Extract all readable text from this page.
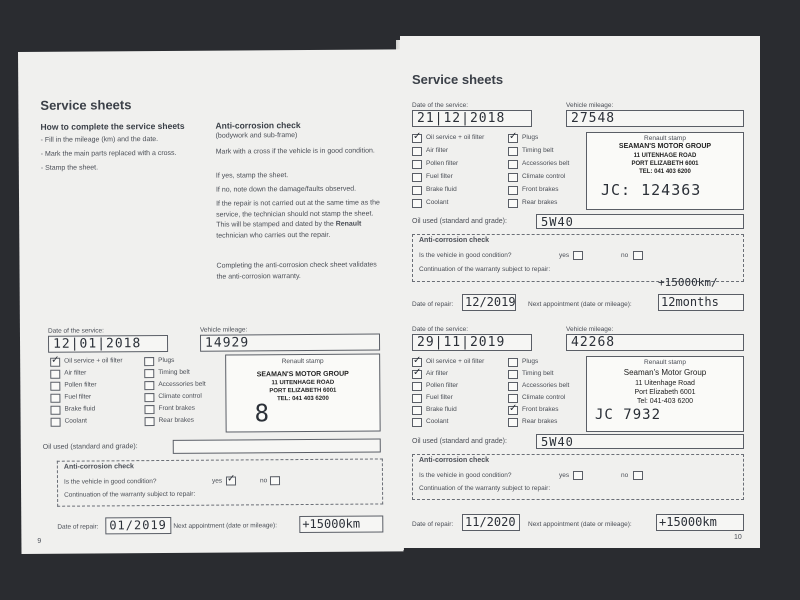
Service sheets
How to complete the service sheets
- Fill in the mileage (km) and the date.
- Mark the main parts replaced with a cross.
- Stamp the sheet.
Anti-corrosion check
(bodywork and sub-frame)
Mark with a cross if the vehicle is in good condition.
If yes, stamp the sheet.
If no, note down the damage/faults observed.
If the repair is not carried out at the same time as the service, the technician should not stamp the sheet. This will be stamped and dated by the Renault technician who carries out the repair.
Completing the anti-corrosion check sheet validates the anti-corrosion warranty.
Date of the service:
12|01|2018
Vehicle mileage:
14929
✓
Oil service + oil filter
Air filter
Pollen filter
Fuel filter
Brake fluid
Coolant
Plugs
Timing belt
Accessories belt
Climate control
Front brakes
Rear brakes
Renault stamp
SEAMAN'S MOTOR GROUP
11 UITENHAGE ROAD
PORT ELIZABETH 6001
TEL: 041 403 6200
8
Oil used (standard and grade):
Anti-corrosion check
Is the vehicle in good condition?	yes
✓	no
Continuation of the warranty subject to repair:
Date of repair: 01/2019 Next appointment (date or mileage): +15000km
9
Service sheets
Date of the service:
21|12|2018
Vehicle mileage:
27548
✓
Oil service + oil filter
Air filter
Pollen filter
Fuel filter
Brake fluid
Coolant
✓
Plugs
Timing belt
Accessories belt
Climate control
Front brakes
Rear brakes
Renault stamp
SEAMAN'S MOTOR GROUP
11 UITENHAGE ROAD
PORT ELIZABETH 6001
TEL: 041 403 6200
JC: 124363
Oil used (standard and grade):	5W40
Anti-corrosion check
Is the vehicle in good condition?	yes	no
Continuation of the warranty subject to repair:
Date of repair: 12/2019 Next appointment (date or mileage):
+15000km/
12months
Date of the service:
29|11|2019
Vehicle mileage:
42268
✓
Oil service + oil filter
✓
Air filter
Pollen filter
Fuel filter
Brake fluid
Coolant
Plugs
Timing belt
Accessories belt
Climate control
✓
Front brakes
Rear brakes
Renault stamp
Seaman's Motor Group
11 Uitenhage Road
Port Elizabeth 6001
Tel: 041-403 6200
JC 7932
Oil used (standard and grade):	5W40
Anti-corrosion check
Is the vehicle in good condition?	yes	no
Continuation of the warranty subject to repair:
Date of repair: 11/2020 Next appointment (date or mileage): +15000km
10
